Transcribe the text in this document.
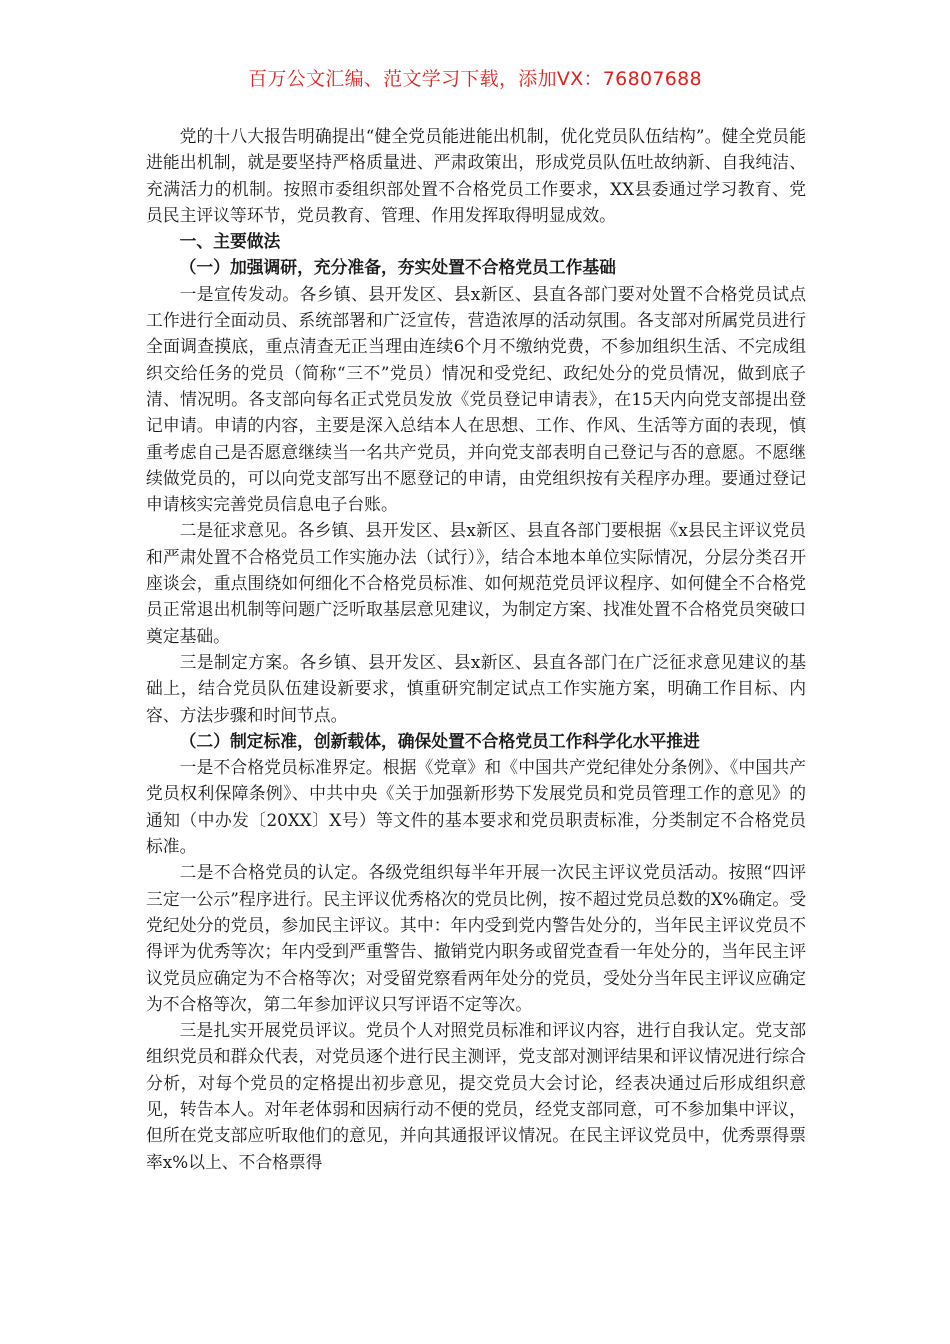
百万公文汇编、范文学习下载，添加VX：76807688

党的十八大报告明确提出“健全党员能进能出机制，优化党员队伍结构”。健全党员能进能出机制，就是要坚持严格质量进、严肃政策出，形成党员队伍吐故纳新、自我纯洁、充满活力的机制。按照市委组织部处置不合格党员工作要求，XX县委通过学习教育、党员民主评议等环节，党员教育、管理、作用发挥取得明显成效。

一、主要做法
（一）加强调研，充分准备，夯实处置不合格党员工作基础

一是宣传发动。各乡镇、县开发区、县x新区、县直各部门要对处置不合格党员试点工作进行全面动员、系统部署和广泛宣传，营造浓厚的活动氛围。各支部对所属党员进行全面调查摸底，重点清查无正当理由连续6个月不缴纳党费，不参加组织生活、不完成组织交给任务的党员（简称“三不”党员）情况和受党纪、政纪处分的党员情况，做到底子清、情况明。各支部向每名正式党员发放《党员登记申请表》，在15天内向党支部提出登记申请。申请的内容，主要是深入总结本人在思想、工作、作风、生活等方面的表现，慎重考虑自己是否愿意继续当一名共产党员，并向党支部表明自己登记与否的意愿。不愿继续做党员的，可以向党支部写出不愿登记的申请，由党组织按有关程序办理。要通过登记申请核实完善党员信息电子台账。

二是征求意见。各乡镇、县开发区、县x新区、县直各部门要根据《x县民主评议党员和严肃处置不合格党员工作实施办法（试行）》，结合本地本单位实际情况，分层分类召开座谈会，重点围绕如何细化不合格党员标准、如何规范党员评议程序、如何健全不合格党员正常退出机制等问题广泛听取基层意见建议，为制定方案、找准处置不合格党员突破口奠定基础。

三是制定方案。各乡镇、县开发区、县x新区、县直各部门在广泛征求意见建议的基础上，结合党员队伍建设新要求，慎重研究制定试点工作实施方案，明确工作目标、内容、方法步骤和时间节点。

（二）制定标准，创新载体，确保处置不合格党员工作科学化水平推进

一是不合格党员标准界定。根据《党章》和《中国共产党纪律处分条例》、《中国共产党员权利保障条例》、中共中央《关于加强新形势下发展党员和党员管理工作的意见》的通知（中办发〔20XX〕X号）等文件的基本要求和党员职责标准，分类制定不合格党员标准。

二是不合格党员的认定。各级党组织每半年开展一次民主评议党员活动。按照“四评三定一公示”程序进行。民主评议优秀格次的党员比例，按不超过党员总数的X%确定。受党纪处分的党员，参加民主评议。其中：年内受到党内警告处分的，当年民主评议党员不得评为优秀等次；年内受到严重警告、撤销党内职务或留党查看一年处分的，当年民主评议党员应确定为不合格等次；对受留党察看两年处分的党员，受处分当年民主评议应确定为不合格等次，第二年参加评议只写评语不定等次。

三是扎实开展党员评议。党员个人对照党员标准和评议内容，进行自我认定。党支部组织党员和群众代表，对党员逐个进行民主测评，党支部对测评结果和评议情况进行综合分析，对每个党员的定格提出初步意见，提交党员大会讨论，经表决通过后形成组织意见，转告本人。对年老体弱和因病行动不便的党员，经党支部同意，可不参加集中评议，但所在党支部应听取他们的意见，并向其通报评议情况。在民主评议党员中，优秀票得票率x%以上、不合格票得
